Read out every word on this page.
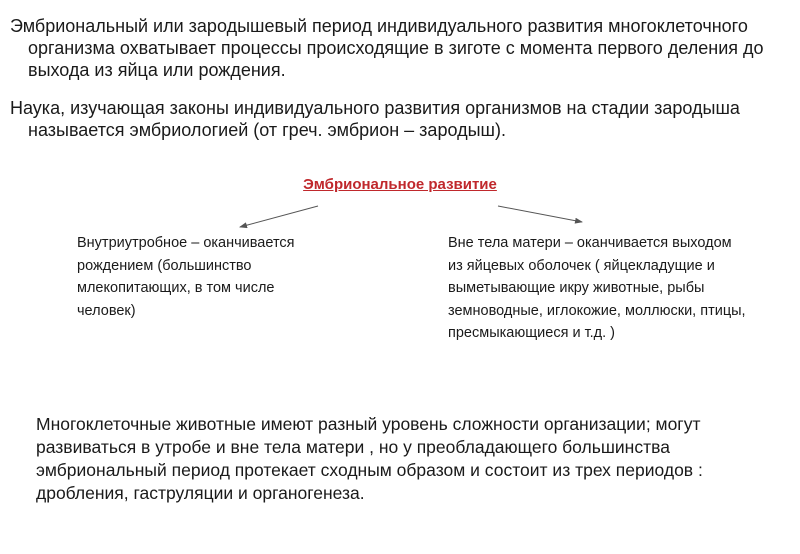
Эмбриональный или зародышевый период индивидуального развития многоклеточного организма охватывает процессы происходящие в зиготе с момента первого деления до выхода из яйца или рождения.

Наука, изучающая законы индивидуального развития организмов на стадии зародыша называется эмбриологией (от греч. эмбрион – зародыш).

Эмбриональное развитие

Внутриутробное – оканчивается рождением (большинство млекопитающих, в том числе человек)

Вне тела матери – оканчивается выходом из яйцевых оболочек ( яйцекладущие и выметывающие икру животные, рыбы земноводные, иглокожие, моллюски, птицы, пресмыкающиеся и т.д. )

Многоклеточные животные имеют разный уровень сложности организации; могут развиваться в утробе и вне тела матери , но у преобладающего большинства эмбриональный период протекает сходным образом и состоит из трех периодов : дробления, гаструляции и органогенеза.
